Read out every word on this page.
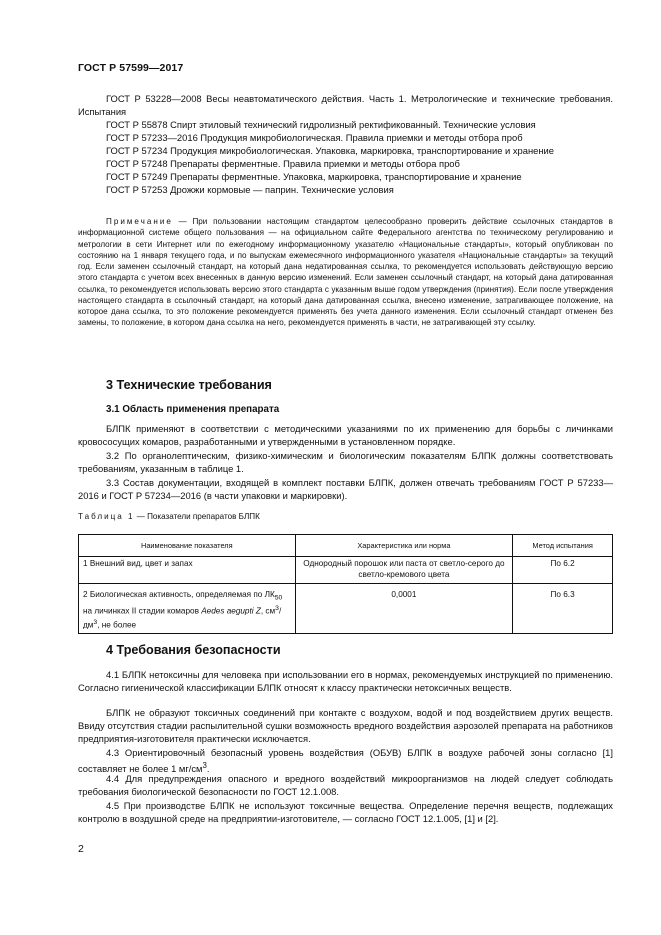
ГОСТ Р 57599—2017

ГОСТ Р 53228—2008 Весы неавтоматического действия. Часть 1. Метрологические и технические требования. Испытания

ГОСТ Р 55878 Спирт этиловый технический гидролизный ректификованный. Технические условия

ГОСТ Р 57233—2016 Продукция микробиологическая. Правила приемки и методы отбора проб

ГОСТ Р 57234 Продукция микробиологическая. Упаковка, маркировка, транспортирование и хранение

ГОСТ Р 57248 Препараты ферментные. Правила приемки и методы отбора проб

ГОСТ Р 57249 Препараты ферментные. Упаковка, маркировка, транспортирование и хранение

ГОСТ Р 57253 Дрожжи кормовые — паприн. Технические условия

Примечание — При пользовании настоящим стандартом целесообразно проверить действие ссылочных стандартов в информационной системе общего пользования — на официальном сайте Федерального агентства по техническому регулированию и метрологии в сети Интернет или по ежегодному информационному указателю «Национальные стандарты», который опубликован по состоянию на 1 января текущего года, и по выпускам ежемесячного информационного указателя «Национальные стандарты» за текущий год. Если заменен ссылочный стандарт, на который дана недатированная ссылка, то рекомендуется использовать действующую версию этого стандарта с учетом всех внесенных в данную версию изменений. Если заменен ссылочный стандарт, на который дана датированная ссылка, то рекомендуется использовать версию этого стандарта с указанным выше годом утверждения (принятия). Если после утверждения настоящего стандарта в ссылочный стандарт, на который дана датированная ссылка, внесено изменение, затрагивающее положение, на которое дана ссылка, то это положение рекомендуется применять без учета данного изменения. Если ссылочный стандарт отменен без замены, то положение, в котором дана ссылка на него, рекомендуется применять в части, не затрагивающей эту ссылку.

3 Технические требования
3.1 Область применения препарата

БЛПК применяют в соответствии с методическими указаниями по их применению для борьбы с личинками кровососущих комаров, разработанными и утвержденными в установленном порядке.

3.2 По органолептическим, физико-химическим и биологическим показателям БЛПК должны соответствовать требованиям, указанным в таблице 1.

3.3 Состав документации, входящей в комплект поставки БЛПК, должен отвечать требованиям ГОСТ Р 57233—2016 и ГОСТ Р 57234—2016 (в части упаковки и маркировки).

Таблица 1 — Показатели препаратов БЛПК

Наименование показателя	Характеристика или норма	Метод испытания
1 Внешний вид, цвет и запах	Однородный порошок или паста от светло-серого до светло-кремового цвета	По 6.2
2 Биологическая активность, определяемая по $ЛК_{50}$ на личинках II стадии комаров Aedes aegupti Z, $см^3/дм^3$, не более	0,0001	По 6.3
4 Требования безопасности

4.1 БЛПК нетоксичны для человека при использовании его в нормах, рекомендуемых инструкцией по применению. Согласно гигиенической классификации БЛПК относят к классу практически нетоксичных веществ.

БЛПК не образуют токсичных соединений при контакте с воздухом, водой и под воздействием других веществ. Ввиду отсутствия стадии распылительной сушки возможность вредного воздействия аэрозолей препарата на работников предприятия-изготовителя практически исключается.

4.3 Ориентировочный безопасный уровень воздействия (ОБУВ) БЛПК в воздухе рабочей зоны согласно [1] составляет не более 1 $мг/см^3$.

4.4 Для предупреждения опасного и вредного воздействий микроорганизмов на людей следует соблюдать требования биологической безопасности по ГОСТ 12.1.008.

4.5 При производстве БЛПК не используют токсичные вещества. Определение перечня веществ, подлежащих контролю в воздушной среде на предприятии-изготовителе, — согласно ГОСТ 12.1.005, [1] и [2].

2
